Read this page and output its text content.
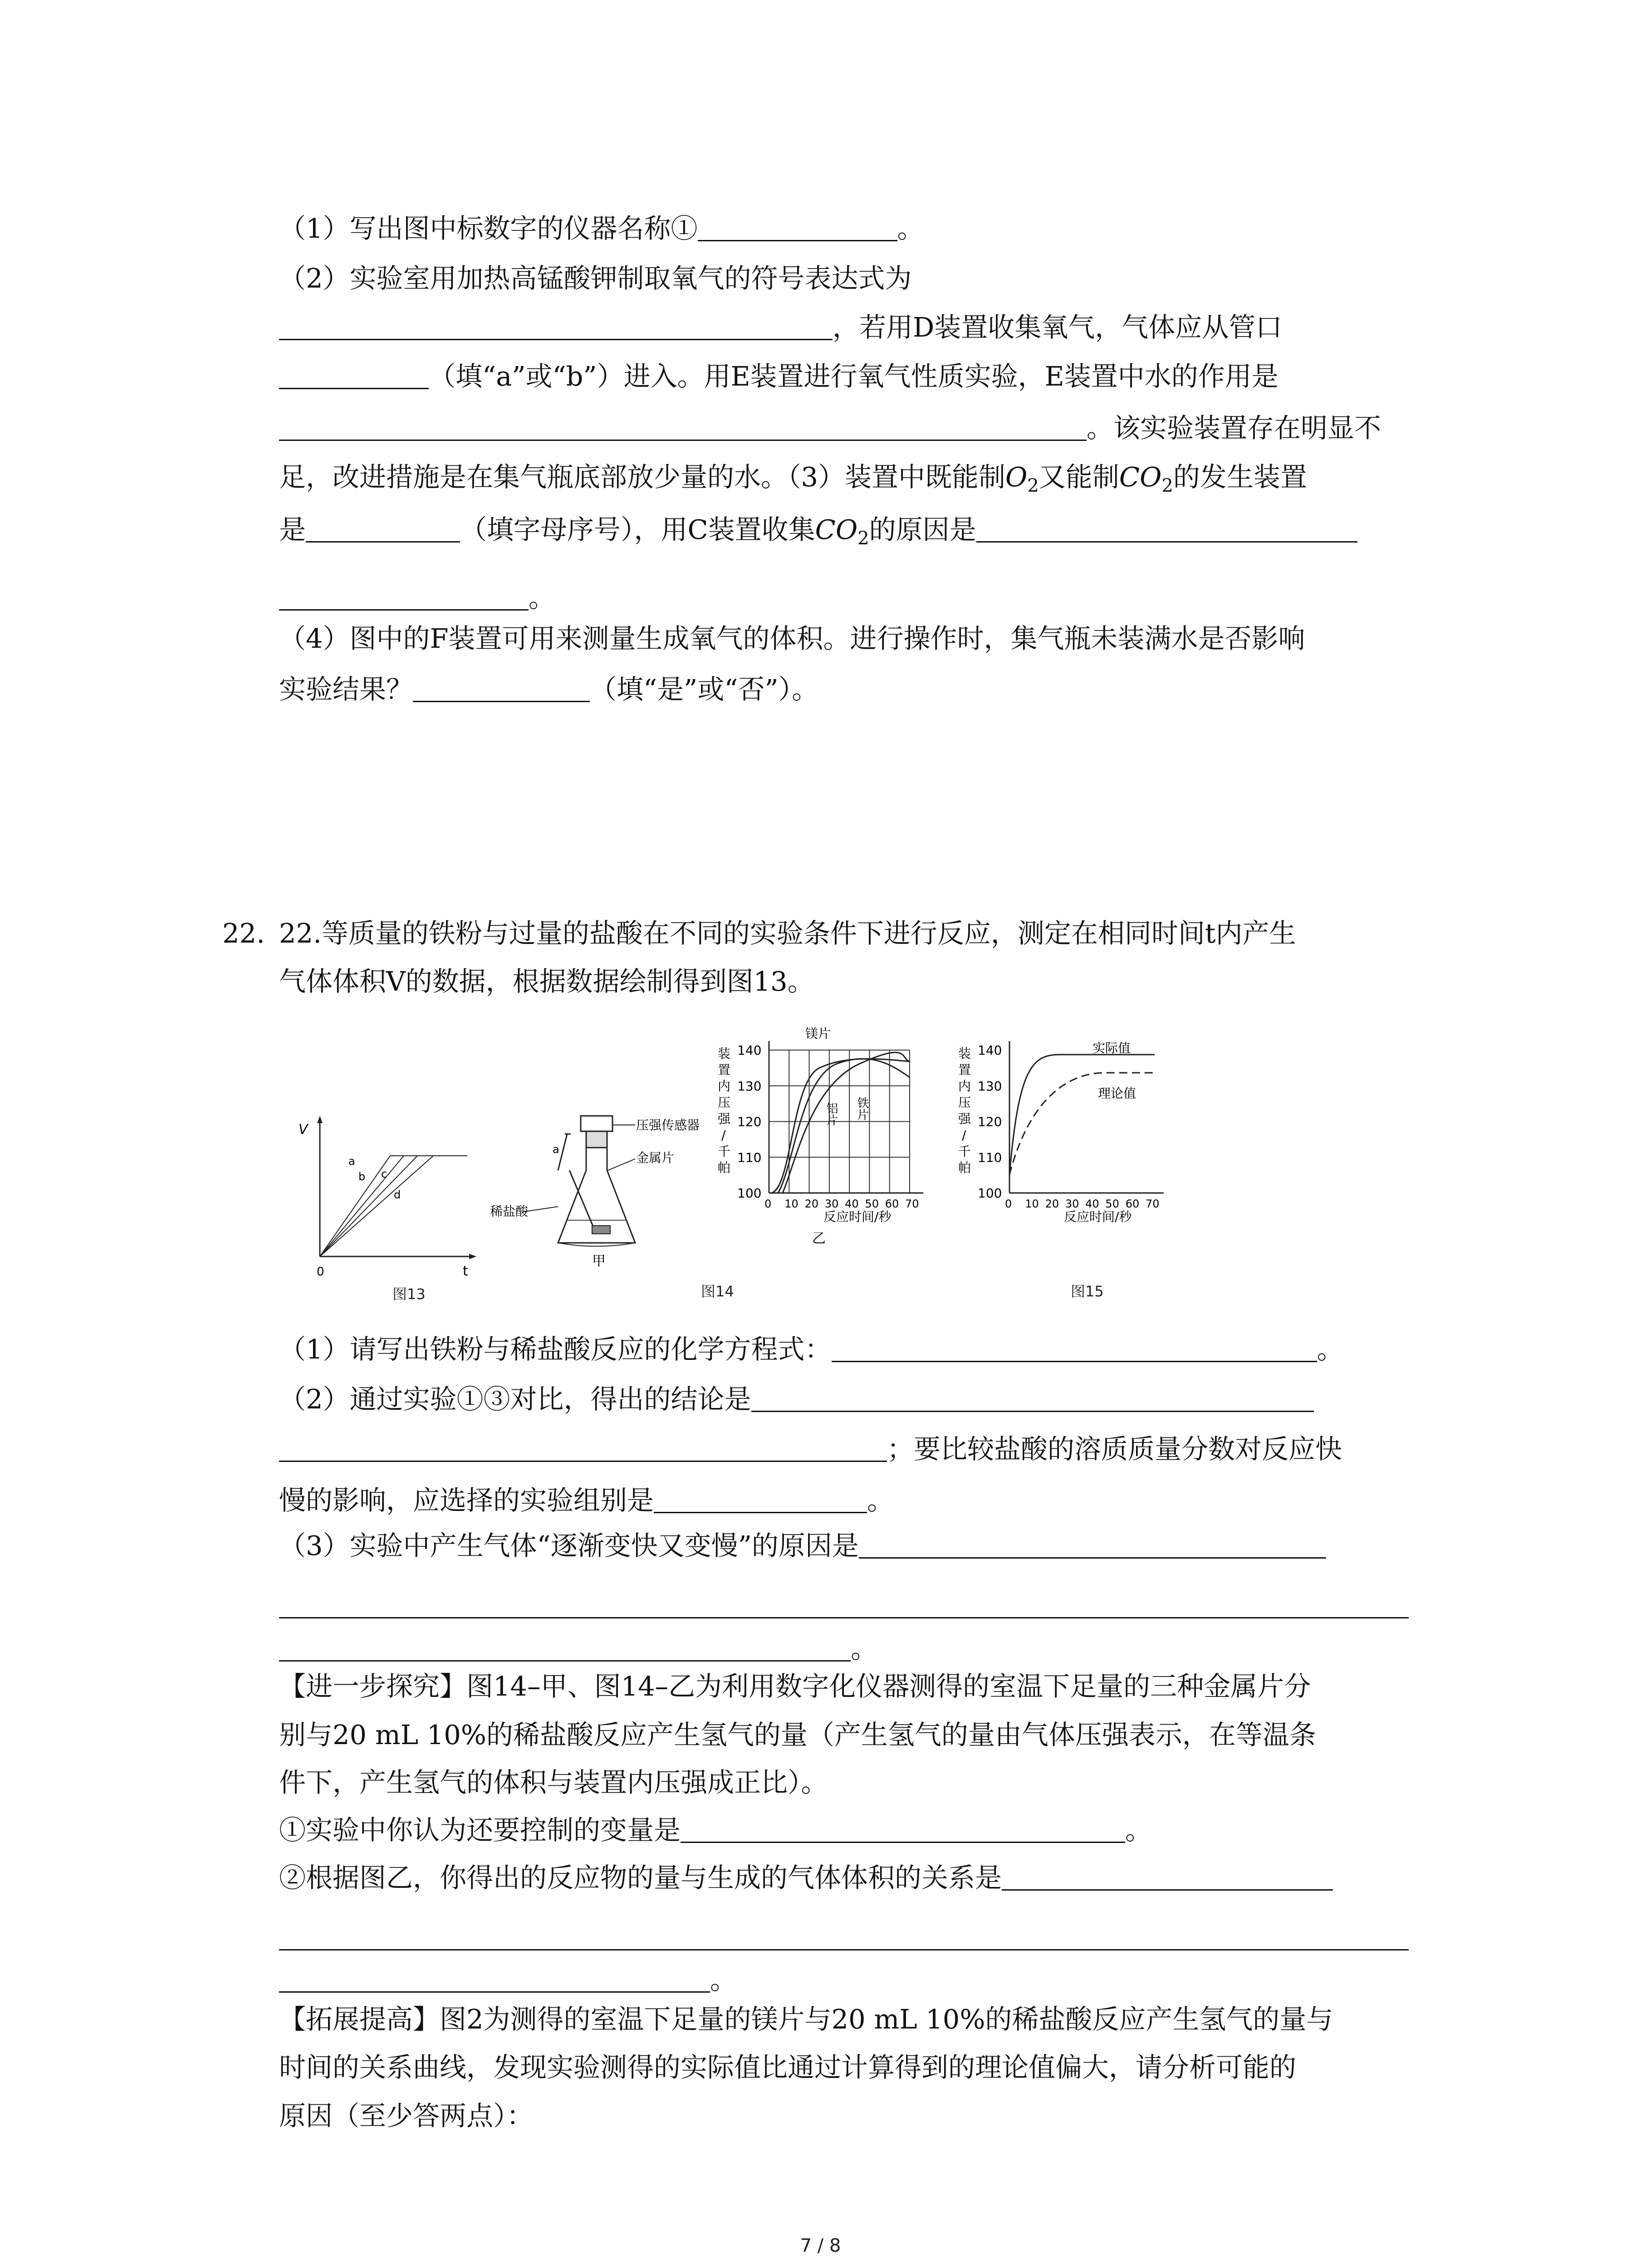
（1）写出图中标数字的仪器名称①	。
（2）实验室用加热高锰酸钾制取氧气的符号表达式为
，若用D装置收集氧气，气体应从管口
（填“a”或“b”）进入。用E装置进行氧气性质实验，E装置中水的作用是
。该实验装置存在明显不
足，改进措施是在集气瓶底部放少量的水。（3）装置中既能制$O_2$又能制$CO_2$的发生装置
是	（填字母序号），用C装置收集$CO_2$的原因是
。
（4）图中的F装置可用来测量生成氧气的体积。进行操作时，集气瓶未装满水是否影响
实验结果？	（填“是”或“否”）。
22. 22.等质量的铁粉与过量的盐酸在不同的实验条件下进行反应，测定在相同时间t内产生
气体体积V的数据，根据数据绘制得到图13。
V
t
0
a
b c
d
图13
压强传感器
金属片
稀盐酸
a
甲
装
置
内
压
强
/
千
帕
140
130
120
110
100
0 10 20 30 40 50 60 70
反应时间/秒
镁片
铝片 铁片
乙
图14
装
置
内
压
强
/
千
帕
140
130
120
110
100
0 10 20 30 40 50 60 70
反应时间/秒
实际值
理论值
图15
（1）请写出铁粉与稀盐酸反应的化学方程式：	。
（2）通过实验①③对比，得出的结论是
；要比较盐酸的溶质质量分数对反应快
慢的影响，应选择的实验组别是	。
（3）实验中产生气体“逐渐变快又变慢”的原因是
。
【进一步探究】图14–甲、图14–乙为利用数字化仪器测得的室温下足量的三种金属片分
别与20 mL 10%的稀盐酸反应产生氢气的量（产生氢气的量由气体压强表示，在等温条
件下，产生氢气的体积与装置内压强成正比）。
①实验中你认为还要控制的变量是	。
②根据图乙，你得出的反应物的量与生成的气体体积的关系是
。
【拓展提高】图2为测得的室温下足量的镁片与20 mL 10%的稀盐酸反应产生氢气的量与
时间的关系曲线，发现实验测得的实际值比通过计算得到的理论值偏大，请分析可能的
原因（至少答两点）：
7 / 8
